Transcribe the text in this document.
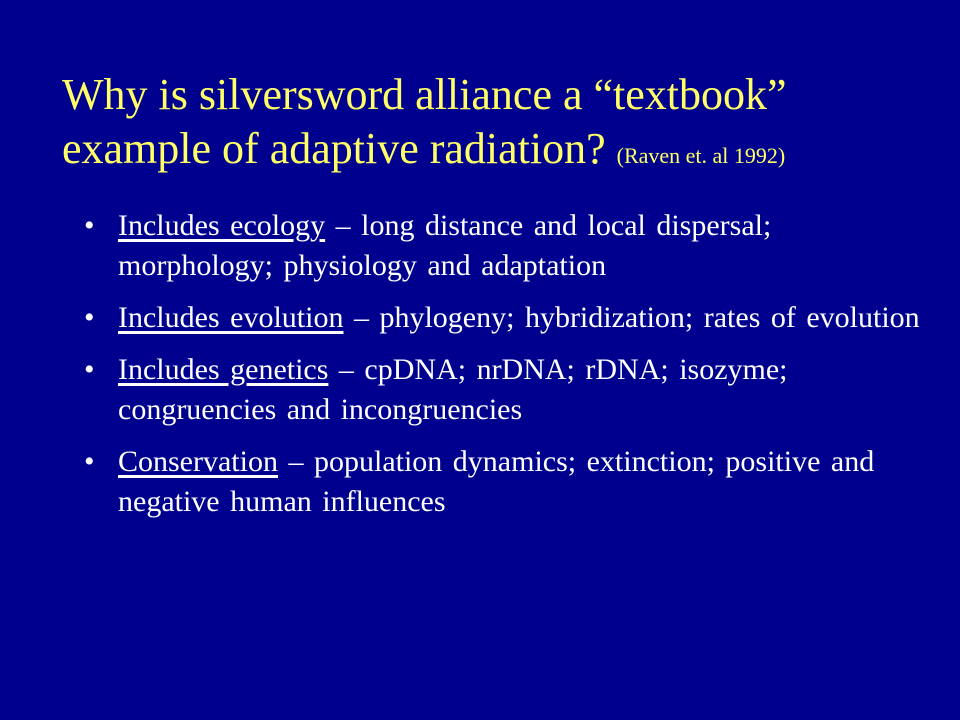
Why is silversword alliance a “textbook” example of adaptive radiation? (Raven et. al 1992)
• Includes ecology – long distance and local dispersal; morphology; physiology and adaptation
• Includes evolution – phylogeny; hybridization; rates of evolution
• Includes genetics – cpDNA; nrDNA; rDNA; isozyme; congruencies and incongruencies
• Conservation – population dynamics; extinction; positive and negative human influences
